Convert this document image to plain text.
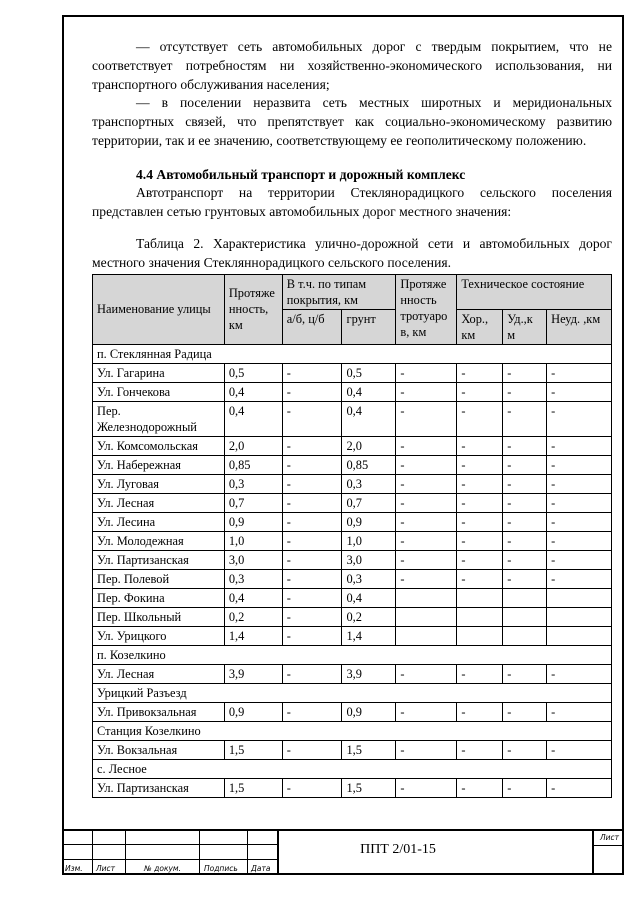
— отсутствует сеть автомобильных дорог с твердым покрытием, что не соответствует потребностям ни хозяйственно-экономического использования, ни транспортного обслуживания населения;

— в поселении неразвита сеть местных широтных и меридиональных транспортных связей, что препятствует как социально-экономическому развитию территории, так и ее значению, соответствующему ее геополитическому положению.

4.4 Автомобильный транспорт и дорожный комплекс

Автотранспорт на территории Стеклянорадицкого сельского поселения представлен сетью грунтовых автомобильных дорог местного значения:

Таблица 2. Характеристика улично-дорожной сети и автомобильных дорог местного значения Стеклянноpадицкого сельского поселения.

Наименование улицы	Протяже нность, км	В т.ч. по типам покрытия, км		Протяже нность тротуаро в, км	Техническое состояние		
		а/б, ц/б	грунт		Хор., км	Уд.,к м	Неуд. ,км
п. Стеклянная Радица							
Ул. Гагарина	0,5	-	0,5	-	-	-	-
Ул. Гончекова	0,4	-	0,4	-	-	-	-
Пер. Железнодорожный	0,4	-	0,4	-	-	-	-
Ул. Комсомольская	2,0	-	2,0	-	-	-	-
Ул. Набережная	0,85	-	0,85	-	-	-	-
Ул. Луговая	0,3	-	0,3	-	-	-	-
Ул. Лесная	0,7	-	0,7	-	-	-	-
Ул. Лесина	0,9	-	0,9	-	-	-	-
Ул. Молодежная	1,0	-	1,0	-	-	-	-
Ул. Партизанская	3,0	-	3,0	-	-	-	-
Пер. Полевой	0,3	-	0,3	-	-	-	-
Пер. Фокина	0,4	-	0,4				
Пер. Школьный	0,2	-	0,2				
Ул. Урицкого	1,4	-	1,4				
п. Козелкино							
Ул. Лесная	3,9	-	3,9	-	-	-	-
Урицкий Разъезд							
Ул. Привокзальная	0,9	-	0,9	-	-	-	-
Станция Козелкино							
Ул. Вокзальная	1,5	-	1,5	-	-	-	-
с. Лесное							
Ул. Партизанская	1,5	-	1,5	-	-	-	-
Изм. Лист	№ докум.	Подпись Дата
Лист
ППТ 2/01-15
